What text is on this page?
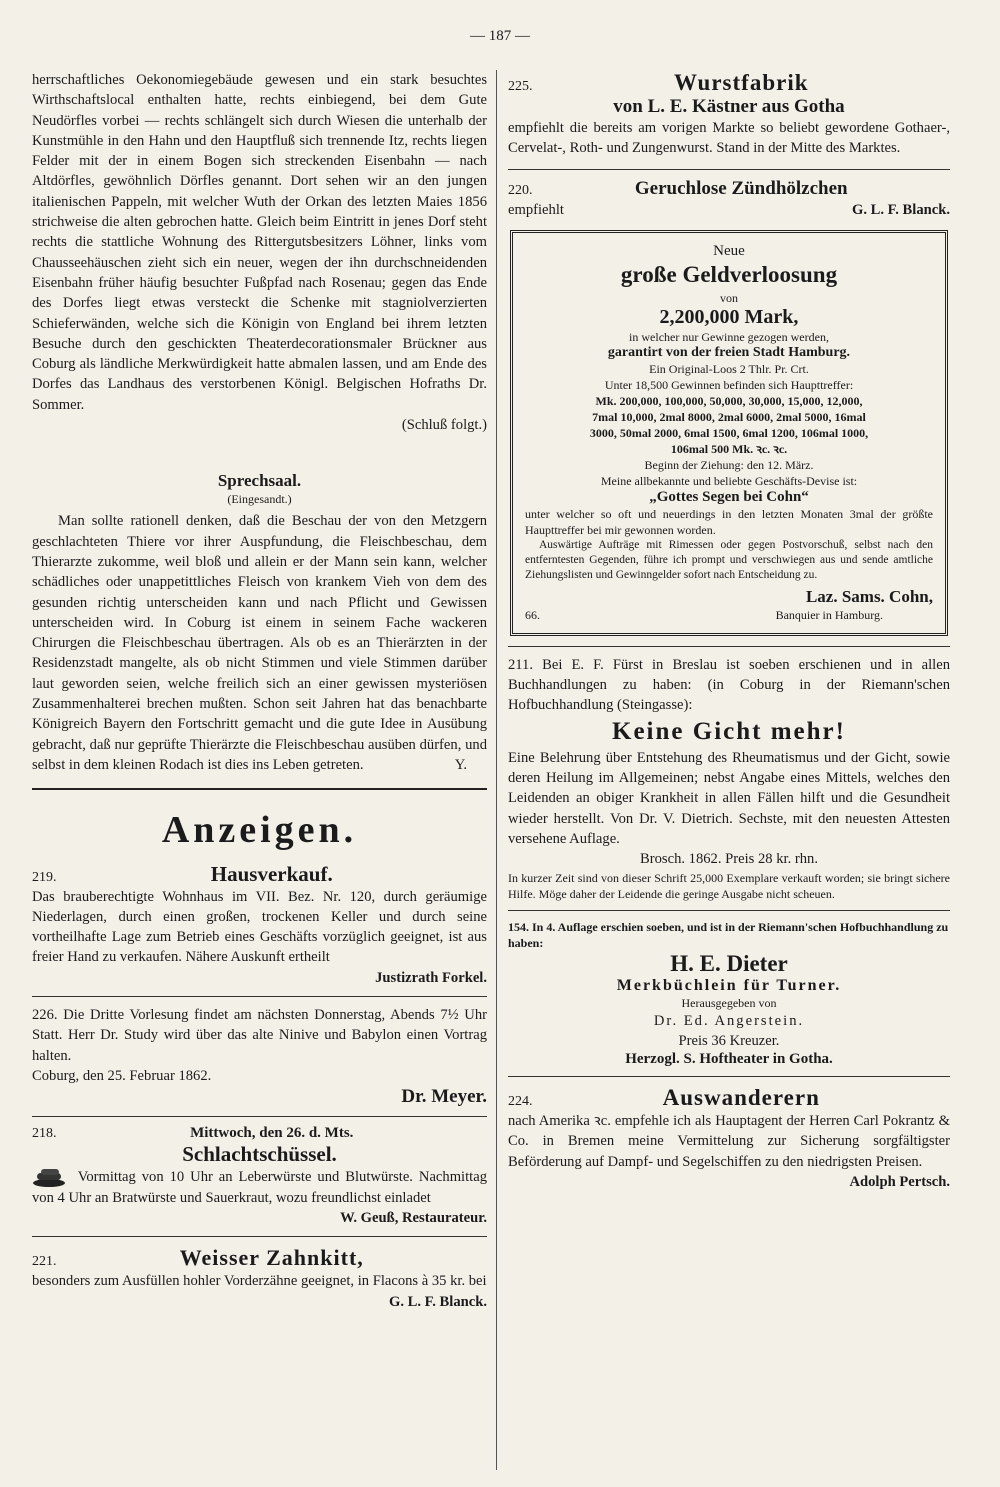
— 187 —

herrschaftliches Oekonomiegebäude gewesen und ein stark besuchtes Wirthschaftslocal enthalten hatte, rechts einbiegend, bei dem Gute Neudörfles vorbei — rechts schlängelt sich durch Wiesen die unterhalb der Kunstmühle in den Hahn und den Hauptfluß sich trennende Itz, rechts liegen Felder mit der in einem Bogen sich streckenden Eisenbahn — nach Altdörfles, gewöhnlich Dörfles genannt. Dort sehen wir an den jungen italienischen Pappeln, mit welcher Wuth der Orkan des letzten Maies 1856 strichweise die alten gebrochen hatte. Gleich beim Eintritt in jenes Dorf steht rechts die stattliche Wohnung des Rittergutsbesitzers Löhner, links vom Chausseehäuschen zieht sich ein neuer, wegen der ihn durchschneidenden Eisenbahn früher häufig besuchter Fußpfad nach Rosenau; gegen das Ende des Dorfes liegt etwas versteckt die Schenke mit stagniolverzierten Schieferwänden, welche sich die Königin von England bei ihrem letzten Besuche durch den geschickten Theaterdecorationsmaler Brückner aus Coburg als ländliche Merkwürdigkeit hatte abmalen lassen, und am Ende des Dorfes das Landhaus des verstorbenen Königl. Belgischen Hofraths Dr. Sommer.

(Schluß folgt.)

Sprechsaal.

(Eingesandt.)

Man sollte rationell denken, daß die Beschau der von den Metzgern geschlachteten Thiere vor ihrer Auspfundung, die Fleischbeschau, dem Thierarzte zukomme, weil bloß und allein er der Mann sein kann, welcher schädliches oder unappetittliches Fleisch von krankem Vieh von dem des gesunden richtig unterscheiden kann und nach Pflicht und Gewissen unterscheiden wird. In Coburg ist einem in seinem Fache wackeren Chirurgen die Fleischbeschau übertragen. Als ob es an Thierärzten in der Residenzstadt mangelte, als ob nicht Stimmen und viele Stimmen darüber laut geworden seien, welche freilich sich an einer gewissen mysteriösen Zusammenhalterei brechen mußten. Schon seit Jahren hat das benachbarte Königreich Bayern den Fortschritt gemacht und die gute Idee in Ausübung gebracht, daß nur geprüfte Thierärzte die Fleischbeschau ausüben dürfen, und selbst in dem kleinen Rodach ist dies ins Leben getreten.	Y.

Anzeigen.

219.	Hausverkauf.

Das brauberechtigte Wohnhaus im VII. Bez. Nr. 120, durch geräumige Niederlagen, durch einen großen, trockenen Keller und durch seine vortheilhafte Lage zum Betrieb eines Geschäfts vorzüglich geeignet, ist aus freier Hand zu verkaufen. Nähere Auskunft ertheilt

Justizrath Forkel.

226. Die Dritte Vorlesung findet am nächsten Donnerstag, Abends 7½ Uhr Statt. Herr Dr. Study wird über das alte Ninive und Babylon einen Vortrag halten.

Coburg, den 25. Februar 1862.

Dr. Meyer.

218.	Mittwoch, den 26. d. Mts.

Schlachtschüssel.

Vormittag von 10 Uhr an Leberwürste und Blutwürste. Nachmittag von 4 Uhr an Bratwürste und Sauerkraut, wozu freundlichst einladet

W. Geuß, Restaurateur.

221.	Weisser Zahnkitt,

besonders zum Ausfüllen hohler Vorderzähne geeignet, in Flacons à 35 kr. bei

G. L. F. Blanck.

225.	Wurstfabrik

von L. E. Kästner aus Gotha

empfiehlt die bereits am vorigen Markte so beliebt gewordene Gothaer-, Cervelat-, Roth- und Zungenwurst. Stand in der Mitte des Marktes.

220.	Geruchlose Zündhölzchen
empfiehlt	G. L. F. Blanck.

Neue

große Geldverloosung

von

2,200,000 Mark,

in welcher nur Gewinne gezogen werden,

garantirt von der freien Stadt Hamburg.

Ein Original-Loos 2 Thlr. Pr. Crt.

Unter 18,500 Gewinnen befinden sich Haupttreffer:

Mk. 200,000, 100,000, 50,000, 30,000, 15,000, 12,000,

7mal 10,000, 2mal 8000, 2mal 6000, 2mal 5000, 16mal

3000, 50mal 2000, 6mal 1500, 6mal 1200, 106mal 1000,

106mal 500 Mk. ꝛc. ꝛc.

Beginn der Ziehung: den 12. März.

Meine allbekannte und beliebte Geschäfts-Devise ist:

„Gottes Segen bei Cohn“

unter welcher so oft und neuerdings in den letzten Monaten 3mal der größte Haupttreffer bei mir gewonnen worden.

Auswärtige Aufträge mit Rimessen oder gegen Postvorschuß, selbst nach den entferntesten Gegenden, führe ich prompt und verschwiegen aus und sende amtliche Ziehungslisten und Gewinngelder sofort nach Entscheidung zu.

Laz. Sams. Cohn,

66.	Banquier in Hamburg.

211. Bei E. F. Fürst in Breslau ist soeben erschienen und in allen Buchhandlungen zu haben: (in Coburg in der Riemann'schen Hofbuchhandlung (Steingasse):

Keine Gicht mehr!

Eine Belehrung über Entstehung des Rheumatismus und der Gicht, sowie deren Heilung im Allgemeinen; nebst Angabe eines Mittels, welches den Leidenden an obiger Krankheit in allen Fällen hilft und die Gesundheit wieder herstellt. Von Dr. V. Dietrich. Sechste, mit den neuesten Attesten versehene Auflage.

Brosch. 1862. Preis 28 kr. rhn.

In kurzer Zeit sind von dieser Schrift 25,000 Exemplare verkauft worden; sie bringt sichere Hilfe. Möge daher der Leidende die geringe Ausgabe nicht scheuen.

154. In 4. Auflage erschien soeben, und ist in der Riemann'schen Hofbuchhandlung zu haben:

H. E. Dieter

Merkbüchlein für Turner.

Herausgegeben von

Dr. Ed. Angerstein.

Preis 36 Kreuzer.

Herzogl. S. Hoftheater in Gotha.

224.	Auswanderern

nach Amerika ꝛc. empfehle ich als Hauptagent der Herren Carl Pokrantz & Co. in Bremen meine Vermittelung zur Sicherung sorgfältigster Beförderung auf Dampf- und Segelschiffen zu den niedrigsten Preisen.

Adolph Pertsch.
